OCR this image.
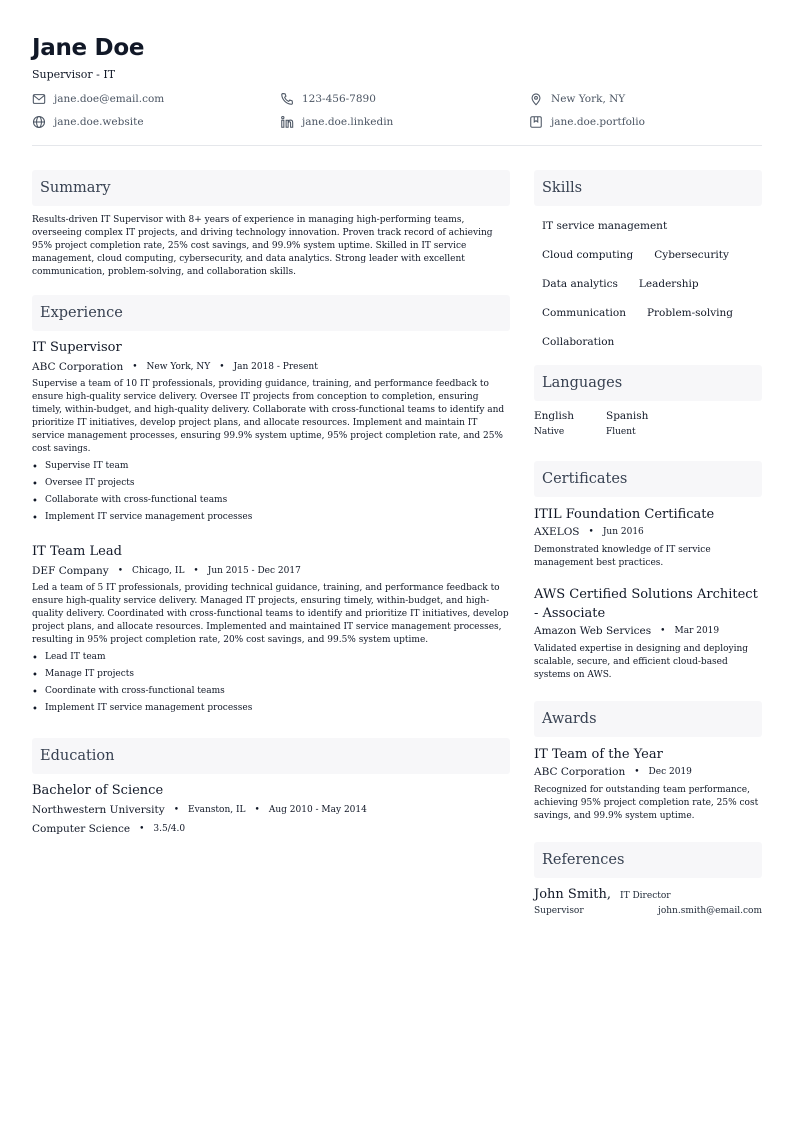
Jane Doe
Supervisor - IT
jane.doe@email.com	123-456-7890	New York, NY
jane.doe.website	jane.doe.linkedin	jane.doe.portfolio
Summary
Results-driven IT Supervisor with 8+ years of experience in managing high-performing teams, overseeing complex IT projects, and driving technology innovation. Proven track record of achieving 95% project completion rate, 25% cost savings, and 99.9% system uptime. Skilled in IT service management, cloud computing, cybersecurity, and data analytics. Strong leader with excellent communication, problem-solving, and collaboration skills.
Experience
IT Supervisor
ABC Corporation • New York, NY • Jan 2018 - Present
Supervise a team of 10 IT professionals, providing guidance, training, and performance feedback to ensure high-quality service delivery. Oversee IT projects from conception to completion, ensuring timely, within-budget, and high-quality delivery. Collaborate with cross-functional teams to identify and prioritize IT initiatives, develop project plans, and allocate resources. Implement and maintain IT service management processes, ensuring 99.9% system uptime, 95% project completion rate, and 25% cost savings.
• Supervise IT team
• Oversee IT projects
• Collaborate with cross-functional teams
• Implement IT service management processes
IT Team Lead
DEF Company • Chicago, IL • Jun 2015 - Dec 2017
Led a team of 5 IT professionals, providing technical guidance, training, and performance feedback to ensure high-quality service delivery. Managed IT projects, ensuring timely, within-budget, and high-quality delivery. Coordinated with cross-functional teams to identify and prioritize IT initiatives, develop project plans, and allocate resources. Implemented and maintained IT service management processes, resulting in 95% project completion rate, 20% cost savings, and 99.5% system uptime.
• Lead IT team
• Manage IT projects
• Coordinate with cross-functional teams
• Implement IT service management processes
Education
Bachelor of Science
Northwestern University • Evanston, IL • Aug 2010 - May 2014
Computer Science • 3.5/4.0
Skills
IT service management
Cloud computing Cybersecurity
Data analytics Leadership
Communication Problem-solving
Collaboration
Languages
English
Native
Spanish
Fluent
Certificates
ITIL Foundation Certificate
AXELOS • Jun 2016
Demonstrated knowledge of IT service management best practices.
AWS Certified Solutions Architect - Associate
Amazon Web Services • Mar 2019
Validated expertise in designing and deploying scalable, secure, and efficient cloud-based systems on AWS.
Awards
IT Team of the Year
ABC Corporation • Dec 2019
Recognized for outstanding team performance, achieving 95% project completion rate, 25% cost savings, and 99.9% system uptime.
References
John Smith, IT Director
Supervisor	john.smith@email.com
